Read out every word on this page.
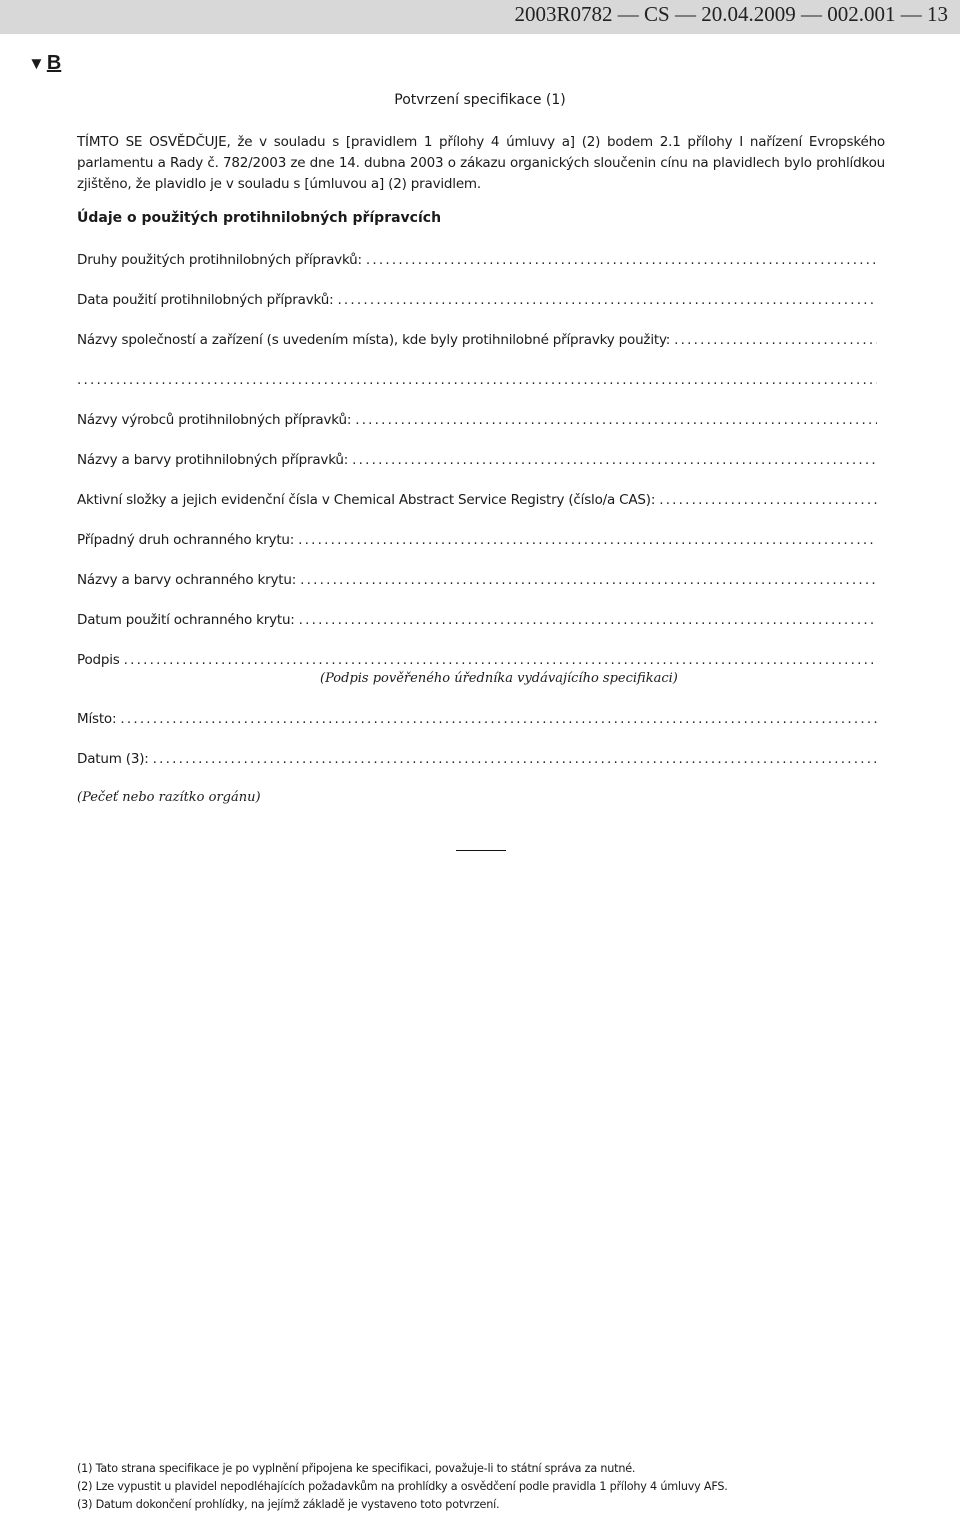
2003R0782 — CS — 20.04.2009 — 002.001 — 13
▼ B
Potvrzení specifikace (1)
TÍMTO SE OSVĚDČUJE, že v souladu s [pravidlem 1 přílohy 4 úmluvy a] (2) bodem 2.1 přílohy I nařízení Evropského parlamentu a Rady č. 782/2003 ze dne 14. dubna 2003 o zákazu organických sloučenin cínu na plavidlech bylo prohlídkou zjištěno, že plavidlo je v souladu s [úmluvou a] (2) pravidlem.
Údaje o použitých protihnilobných přípravcích
Druhy použitých protihnilobných přípravků:
.....
Data použití protihnilobných přípravků:
.....
Názvy společností a zařízení (s uvedením místa), kde byly protihnilobné přípravky použity:
.....
.....
Názvy výrobců protihnilobných přípravků:
.....
Názvy a barvy protihnilobných přípravků:
.....
Aktivní složky a jejich evidenční čísla v Chemical Abstract Service Registry (číslo/a CAS):
.....
Případný druh ochranného krytu:
.....
Názvy a barvy ochranného krytu:
.....
Datum použití ochranného krytu:
.....
Podpis
.....
(Podpis pověřeného úředníka vydávajícího specifikaci)
Místo:
.....
Datum (3):
.....
(Pečeť nebo razítko orgánu)
(1) Tato strana specifikace je po vyplnění připojena ke specifikaci, považuje-li to státní správa za nutné.
(2) Lze vypustit u plavidel nepodléhajících požadavkům na prohlídky a osvědčení podle pravidla 1 přílohy 4 úmluvy AFS.
(3) Datum dokončení prohlídky, na jejímž základě je vystaveno toto potvrzení.
